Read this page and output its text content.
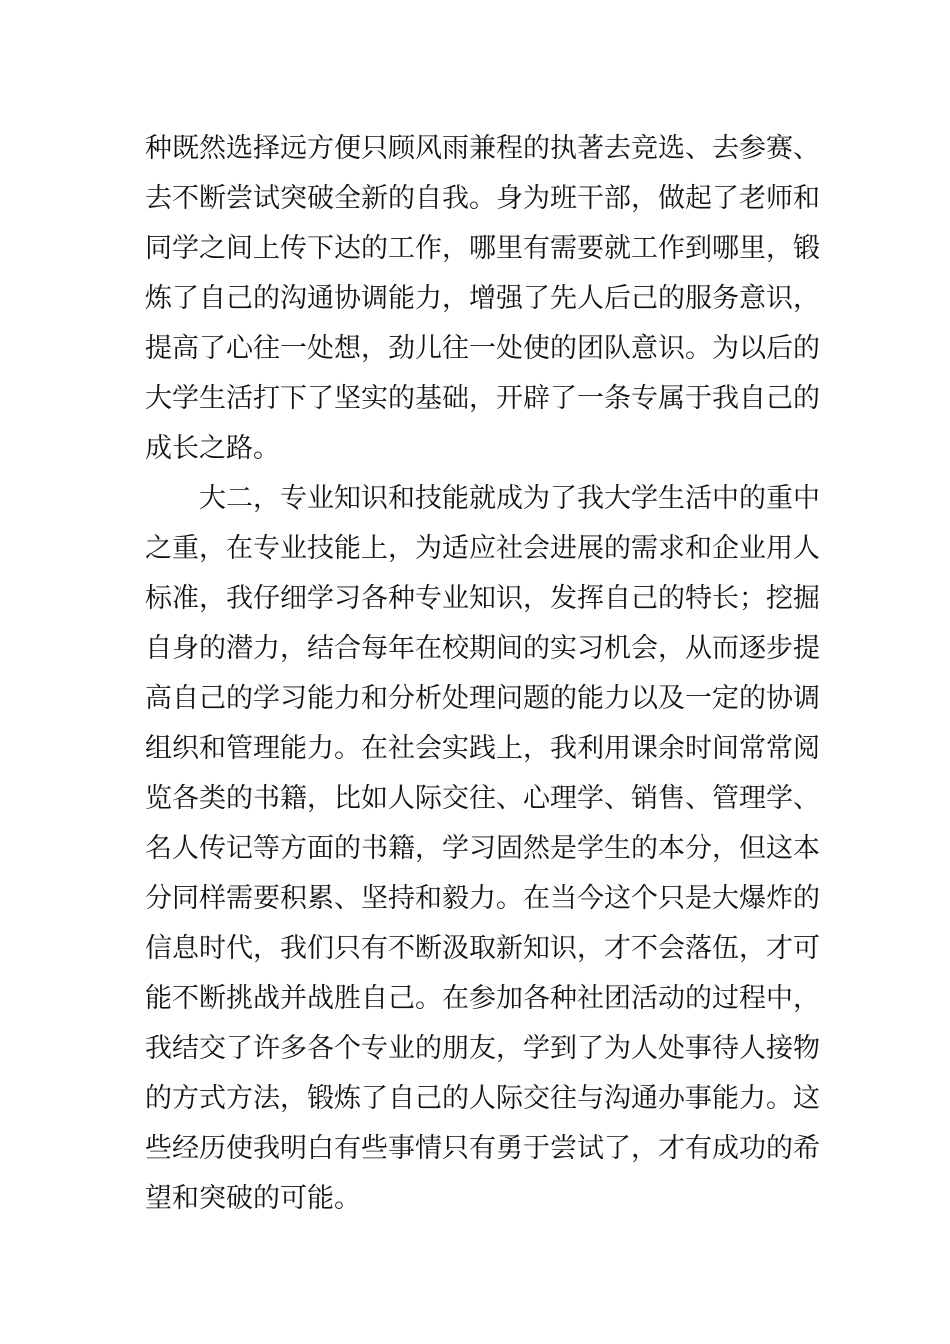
种既然选择远方便只顾风雨兼程的执著去竞选、去参赛、
去不断尝试突破全新的自我。身为班干部，做起了老师和
同学之间上传下达的工作，哪里有需要就工作到哪里，锻
炼了自己的沟通协调能力，增强了先人后己的服务意识，
提高了心往一处想，劲儿往一处使的团队意识。为以后的
大学生活打下了坚实的基础，开辟了一条专属于我自己的
成长之路。
　　大二，专业知识和技能就成为了我大学生活中的重中
之重，在专业技能上，为适应社会进展的需求和企业用人
标准，我仔细学习各种专业知识，发挥自己的特长；挖掘
自身的潜力，结合每年在校期间的实习机会，从而逐步提
高自己的学习能力和分析处理问题的能力以及一定的协调
组织和管理能力。在社会实践上，我利用课余时间常常阅
览各类的书籍，比如人际交往、心理学、销售、管理学、
名人传记等方面的书籍，学习固然是学生的本分，但这本
分同样需要积累、坚持和毅力。在当今这个只是大爆炸的
信息时代，我们只有不断汲取新知识，才不会落伍，才可
能不断挑战并战胜自己。在参加各种社团活动的过程中，
我结交了许多各个专业的朋友，学到了为人处事待人接物
的方式方法，锻炼了自己的人际交往与沟通办事能力。这
些经历使我明白有些事情只有勇于尝试了，才有成功的希
望和突破的可能。
